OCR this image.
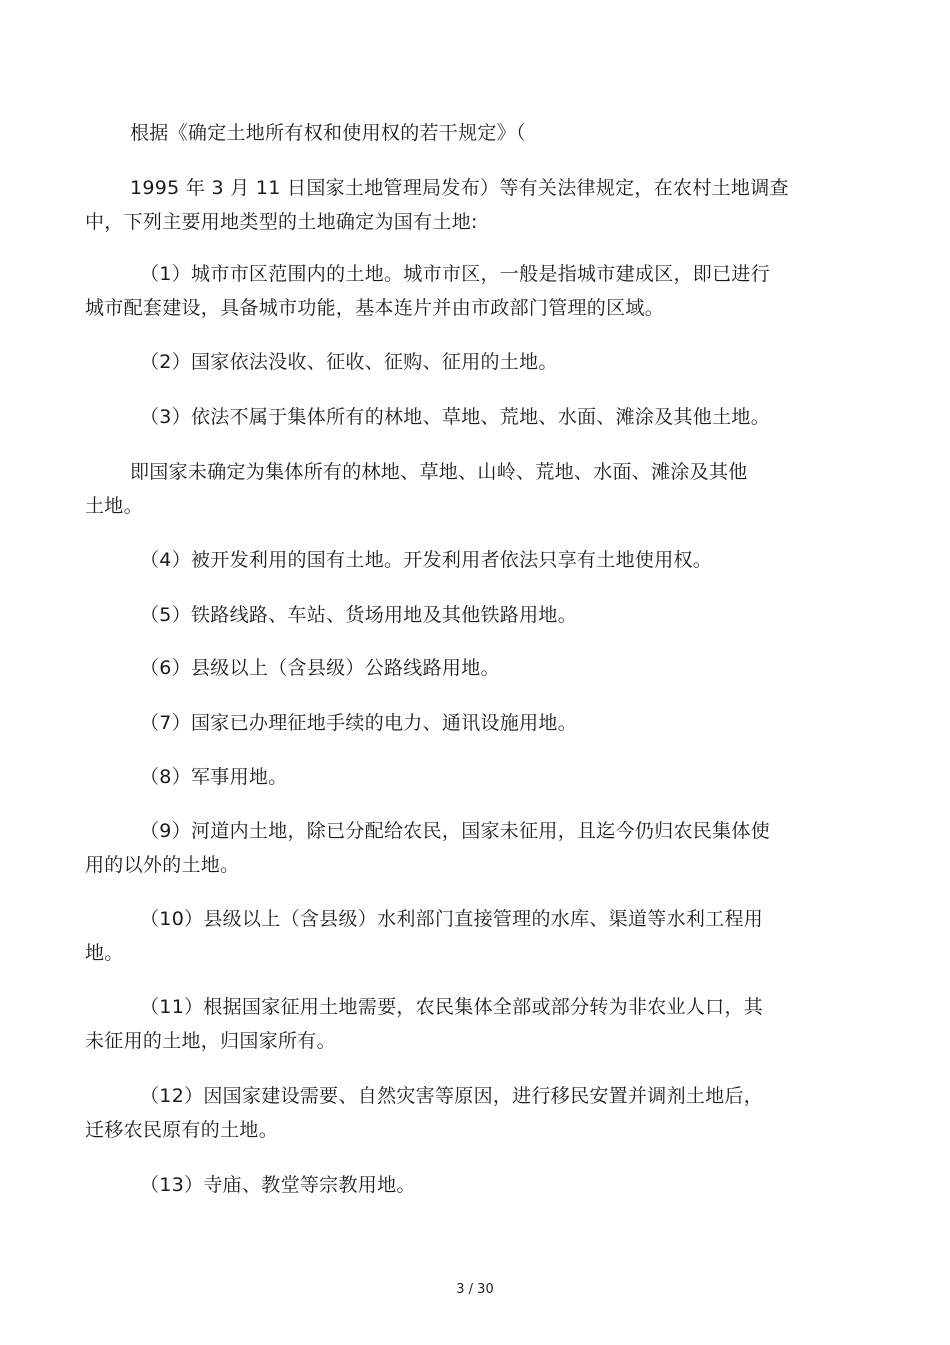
根据《确定土地所有权和使用权的若干规定》（

1995 年 3 月 11 日国家土地管理局发布）等有关法律规定，在农村土地调查
中，下列主要用地类型的土地确定为国有土地:

（1）城市市区范围内的土地。城市市区，一般是指城市建成区，即已进行
城市配套建设，具备城市功能，基本连片并由市政部门管理的区域。

（2）国家依法没收、征收、征购、征用的土地。

（3）依法不属于集体所有的林地、草地、荒地、水面、滩涂及其他土地。

即国家未确定为集体所有的林地、草地、山岭、荒地、水面、滩涂及其他
土地。

（4）被开发利用的国有土地。开发利用者依法只享有土地使用权。

（5）铁路线路、车站、货场用地及其他铁路用地。

（6）县级以上（含县级）公路线路用地。

（7）国家已办理征地手续的电力、通讯设施用地。

（8）军事用地。

（9）河道内土地，除已分配给农民，国家未征用，且迄今仍归农民集体使
用的以外的土地。

（10）县级以上（含县级）水利部门直接管理的水库、渠道等水利工程用
地。

（11）根据国家征用土地需要，农民集体全部或部分转为非农业人口，其
未征用的土地，归国家所有。

（12）因国家建设需要、自然灾害等原因，进行移民安置并调剂土地后，
迁移农民原有的土地。

（13）寺庙、教堂等宗教用地。

3 / 30
